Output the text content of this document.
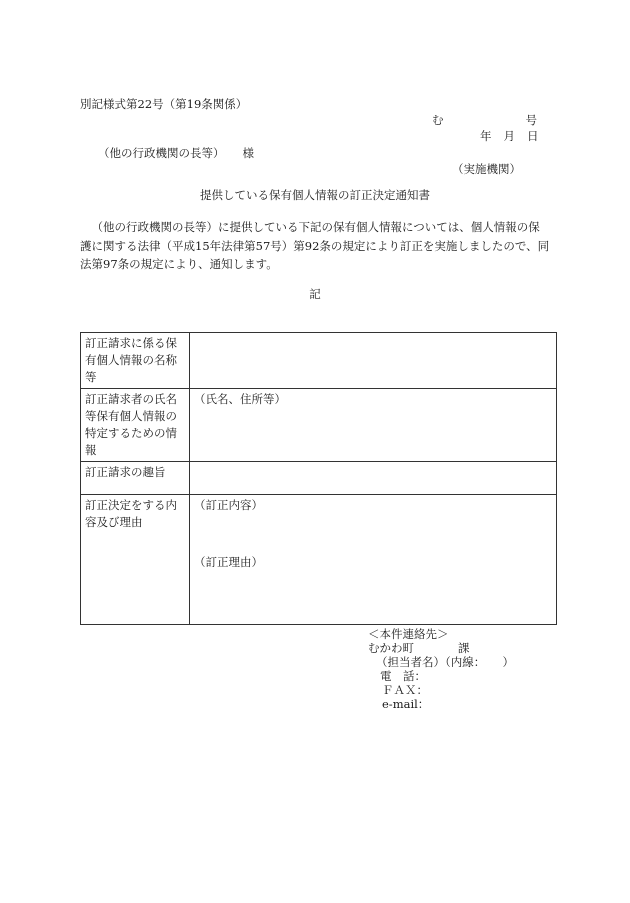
別記様式第22号（第19条関係）
む	号
年 月 日
（他の行政機関の長等） 様
（実施機関）
提供している保有個人情報の訂正決定通知書
（他の行政機関の長等）に提供している下記の保有個人情報については、個人情報の保護に関する法律（平成15年法律第57号）第92条の規定により訂正を実施しましたので、同法第97条の規定により、通知します。
記
訂正請求に係る保有個人情報の名称等	
訂正請求者の氏名等保有個人情報の特定するための情報	（氏名、住所等）
訂正請求の趣旨	
訂正決定をする内容及び理由	（訂正内容）
（訂正理由）
＜本件連絡先＞
むかわ町	課
（担当者名）（内線：　　）
電　話：
ＦＡＸ：
e-mail：
